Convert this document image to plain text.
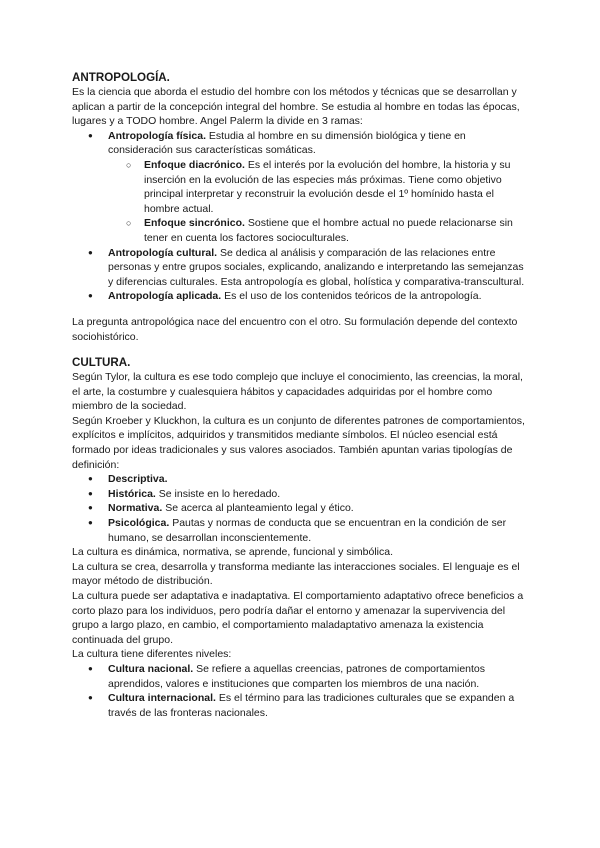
ANTROPOLOGÍA.

Es la ciencia que aborda el estudio del hombre con los métodos y técnicas que se desarrollan y aplican a partir de la concepción integral del hombre. Se estudia al hombre en todas las épocas, lugares y a TODO hombre. Angel Palerm la divide en 3 ramas:

● Antropología física. Estudia al hombre en su dimensión biológica y tiene en consideración sus características somáticas.
○ Enfoque diacrónico. Es el interés por la evolución del hombre, la historia y su inserción en la evolución de las especies más próximas. Tiene como objetivo principal interpretar y reconstruir la evolución desde el 1º homínido hasta el hombre actual.
○ Enfoque sincrónico. Sostiene que el hombre actual no puede relacionarse sin tener en cuenta los factores socioculturales.
● Antropología cultural. Se dedica al análisis y comparación de las relaciones entre personas y entre grupos sociales, explicando, analizando e interpretando las semejanzas y diferencias culturales. Esta antropología es global, holística y comparativa-transcultural.
● Antropología aplicada. Es el uso de los contenidos teóricos de la antropología.

La pregunta antropológica nace del encuentro con el otro. Su formulación depende del contexto sociohistórico.

CULTURA.

Según Tylor, la cultura es ese todo complejo que incluye el conocimiento, las creencias, la moral, el arte, la costumbre y cualesquiera hábitos y capacidades adquiridas por el hombre como miembro de la sociedad.

Según Kroeber y Kluckhon, la cultura es un conjunto de diferentes patrones de comportamientos, explícitos e implícitos, adquiridos y transmitidos mediante símbolos. El núcleo esencial está formado por ideas tradicionales y sus valores asociados. También apuntan varias tipologías de definición:

● Descriptiva.
● Histórica. Se insiste en lo heredado.
● Normativa. Se acerca al planteamiento legal y ético.
● Psicológica. Pautas y normas de conducta que se encuentran en la condición de ser humano, se desarrollan inconscientemente.

La cultura es dinámica, normativa, se aprende, funcional y simbólica.

La cultura se crea, desarrolla y transforma mediante las interacciones sociales. El lenguaje es el mayor método de distribución.

La cultura puede ser adaptativa e inadaptativa. El comportamiento adaptativo ofrece beneficios a corto plazo para los individuos, pero podría dañar el entorno y amenazar la supervivencia del grupo a largo plazo, en cambio, el comportamiento maladaptativo amenaza la existencia continuada del grupo.

La cultura tiene diferentes niveles:

● Cultura nacional. Se refiere a aquellas creencias, patrones de comportamientos aprendidos, valores e instituciones que comparten los miembros de una nación.
● Cultura internacional. Es el término para las tradiciones culturales que se expanden a través de las fronteras nacionales.
